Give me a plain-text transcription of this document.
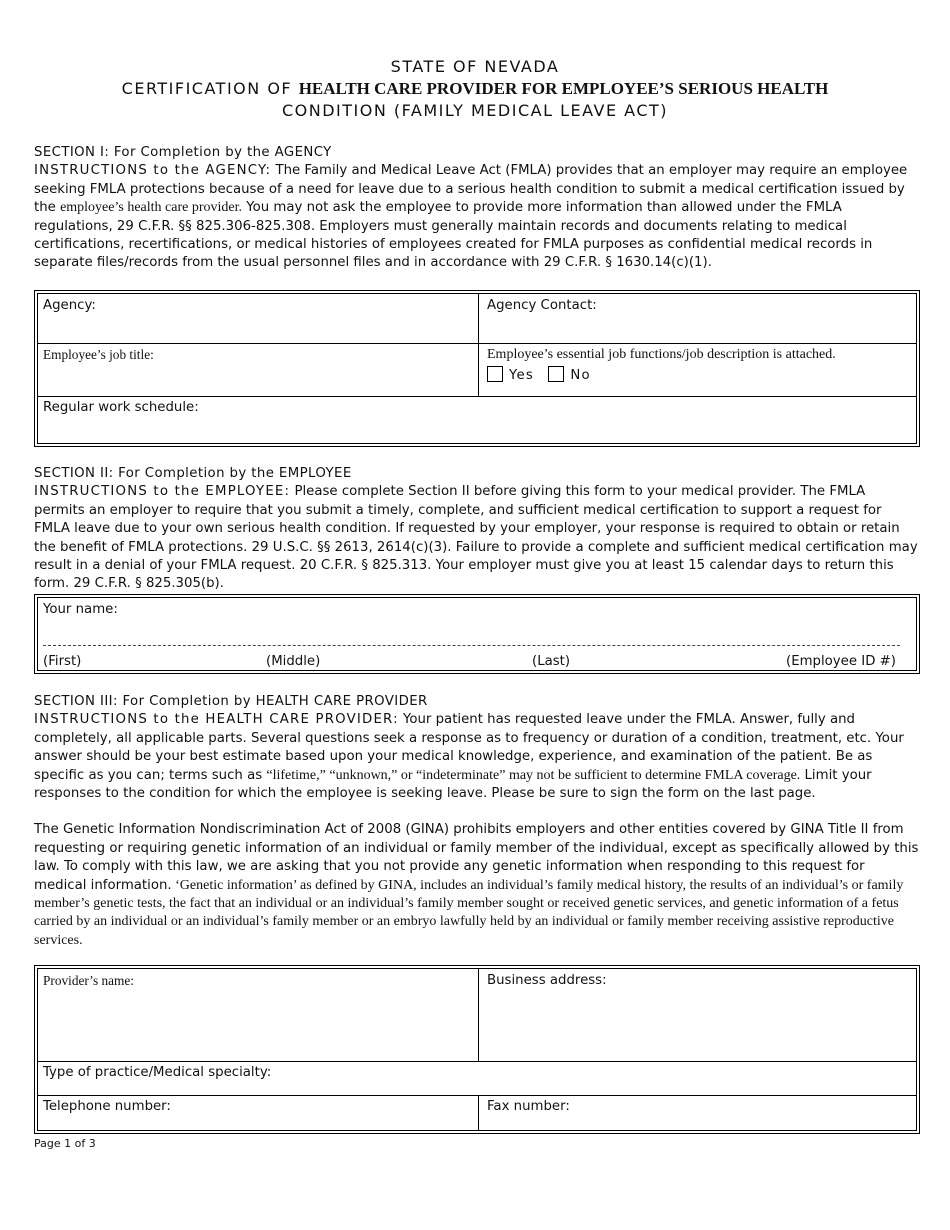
STATE OF NEVADA
CERTIFICATION OF HEALTH CARE PROVIDER FOR EMPLOYEE’S SERIOUS HEALTH
CONDITION (FAMILY MEDICAL LEAVE ACT)
SECTION I: For Completion by the AGENCY

INSTRUCTIONS to the AGENCY: The Family and Medical Leave Act (FMLA) provides that an employer may require an employee seeking FMLA protections because of a need for leave due to a serious health condition to submit a medical certification issued by the employee’s health care provider. You may not ask the employee to provide more information than allowed under the FMLA regulations, 29 C.F.R. §§ 825.306-825.308. Employers must generally maintain records and documents relating to medical certifications, recertifications, or medical histories of employees created for FMLA purposes as confidential medical records in separate files/records from the usual personnel files and in accordance with 29 C.F.R. § 1630.14(c)(1).

Agency:	Agency Contact:
Employee’s job title:	Employee’s essential job functions/job description is attached.
Yes	No
Regular work schedule:
SECTION II: For Completion by the EMPLOYEE

INSTRUCTIONS to the EMPLOYEE: Please complete Section II before giving this form to your medical provider. The FMLA permits an employer to require that you submit a timely, complete, and sufficient medical certification to support a request for FMLA leave due to your own serious health condition. If requested by your employer, your response is required to obtain or retain the benefit of FMLA protections. 29 U.S.C. §§ 2613, 2614(c)(3). Failure to provide a complete and sufficient medical certification may result in a denial of your FMLA request. 20 C.F.R. § 825.313. Your employer must give you at least 15 calendar days to return this form. 29 C.F.R. § 825.305(b).

Your name:
(First)	(Middle)	(Last)	(Employee ID #)
SECTION III: For Completion by HEALTH CARE PROVIDER

INSTRUCTIONS to the HEALTH CARE PROVIDER: Your patient has requested leave under the FMLA. Answer, fully and completely, all applicable parts. Several questions seek a response as to frequency or duration of a condition, treatment, etc. Your answer should be your best estimate based upon your medical knowledge, experience, and examination of the patient. Be as specific as you can; terms such as “lifetime,” “unknown,” or “indeterminate” may not be sufficient to determine FMLA coverage. Limit your responses to the condition for which the employee is seeking leave. Please be sure to sign the form on the last page.

The Genetic Information Nondiscrimination Act of 2008 (GINA) prohibits employers and other entities covered by GINA Title II from requesting or requiring genetic information of an individual or family member of the individual, except as specifically allowed by this law. To comply with this law, we are asking that you not provide any genetic information when responding to this request for medical information. ‘Genetic information’ as defined by GINA, includes an individual’s family medical history, the results of an individual’s or family member’s genetic tests, the fact that an individual or an individual’s family member sought or received genetic services, and genetic information of a fetus carried by an individual or an individual’s family member or an embryo lawfully held by an individual or family member receiving assistive reproductive services.

Provider’s name:	Business address:
Type of practice/Medical specialty:
Telephone number:	Fax number:
Page 1 of 3
